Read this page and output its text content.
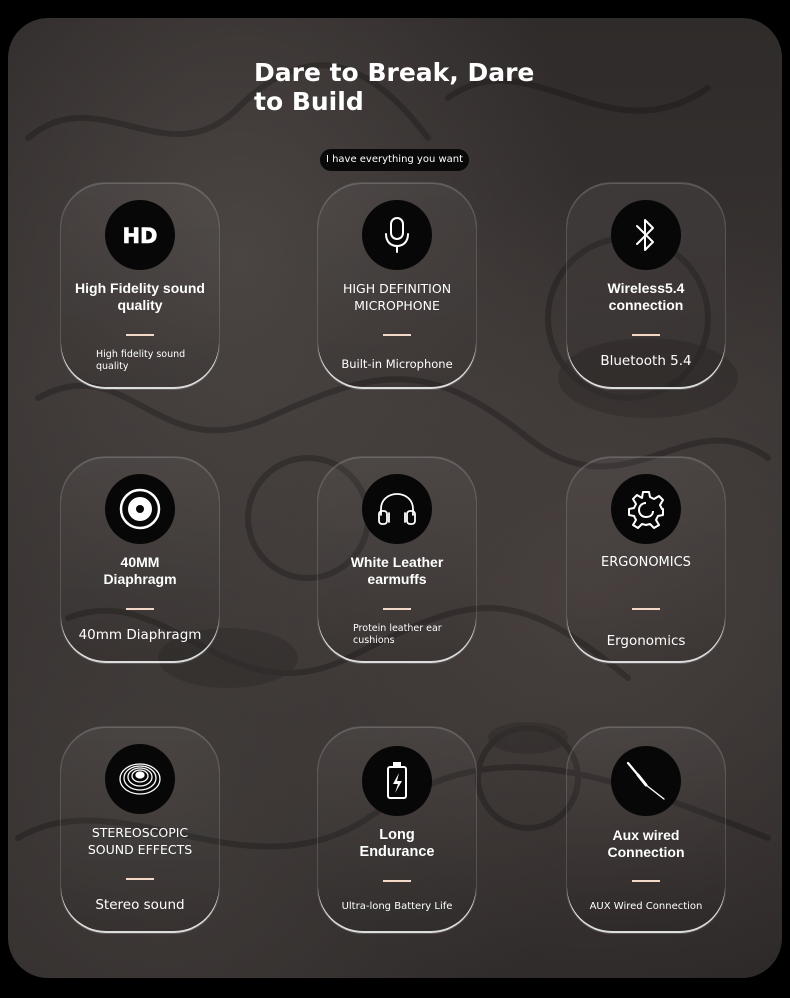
Dare to Break, Dare to Build
I have everything you want
HD
High Fidelity sound quality
High fidelity sound quality
HIGH DEFINITION MICROPHONE
Built-in Microphone
Wireless5.4 connection
Bluetooth 5.4
40MM Diaphragm
40mm Diaphragm
White Leather earmuffs
Protein leather ear cushions
ERGONOMICS
Ergonomics
STEREOSCOPIC SOUND EFFECTS
Stereo sound
Long Endurance
Ultra-long Battery Life
Aux wired Connection
AUX Wired Connection
